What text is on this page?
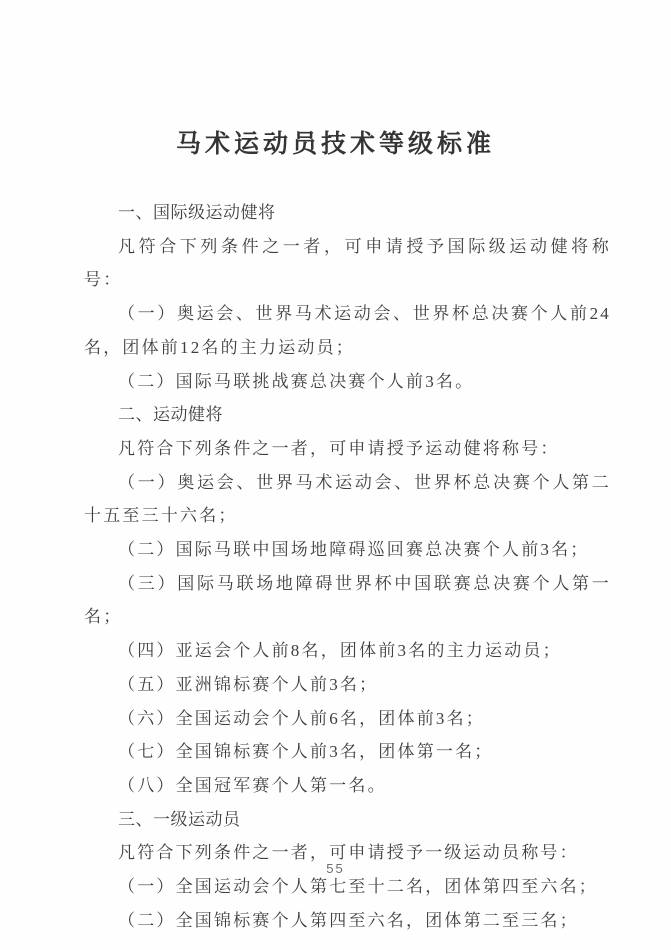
马术运动员技术等级标准

一、国际级运动健将

凡符合下列条件之一者，可申请授予国际级运动健将称号：

（一）奥运会、世界马术运动会、世界杯总决赛个人前24名，团体前12名的主力运动员；

（二）国际马联挑战赛总决赛个人前3名。

二、运动健将

凡符合下列条件之一者，可申请授予运动健将称号：

（一）奥运会、世界马术运动会、世界杯总决赛个人第二十五至三十六名；

（二）国际马联中国场地障碍巡回赛总决赛个人前3名；

（三）国际马联场地障碍世界杯中国联赛总决赛个人第一名；

（四）亚运会个人前8名，团体前3名的主力运动员；

（五）亚洲锦标赛个人前3名；

（六）全国运动会个人前6名，团体前3名；

（七）全国锦标赛个人前3名，团体第一名；

（八）全国冠军赛个人第一名。

三、一级运动员

凡符合下列条件之一者，可申请授予一级运动员称号：

（一）全国运动会个人第七至十二名，团体第四至六名；

（二）全国锦标赛个人第四至六名，团体第二至三名；

55
